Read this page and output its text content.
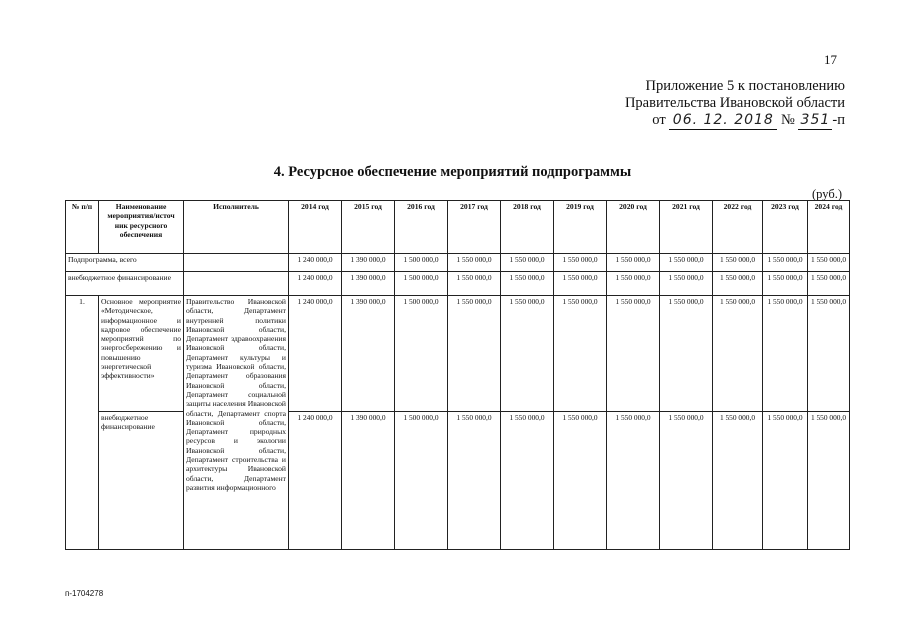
17
Приложение 5 к постановлению
Правительства Ивановской области
от 06. 12. 2018 № 351 -п
4. Ресурсное обеспечение мероприятий подпрограммы
(руб.)
№ п/п	Наименование мероприятия/источ ник ресурсного обеспечения	Исполнитель	2014 год	2015 год	2016 год	2017 год	2018 год	2019 год	2020 год	2021 год	2022 год	2023 год	2024 год
Подпрограмма, всего			1 240 000,0	1 390 000,0	1 500 000,0	1 550 000,0	1 550 000,0	1 550 000,0	1 550 000,0	1 550 000,0	1 550 000,0	1 550 000,0	1 550 000,0
внебюджетное финансирование			1 240 000,0	1 390 000,0	1 500 000,0	1 550 000,0	1 550 000,0	1 550 000,0	1 550 000,0	1 550 000,0	1 550 000,0	1 550 000,0	1 550 000,0
1.	Основное мероприятие «Методическое, информационное и кадровое обеспечение мероприятий по энергосбережению и повышению энергетической эффективности»	Правительство Ивановской области, Департамент внутренней политики Ивановской области, Департамент здравоохранения Ивановской области, Департамент культуры и туризма Ивановской области, Департамент образования Ивановской области, Департамент социальной защиты населения Ивановской области, Департамент спорта Ивановской области, Департамент природных ресурсов и экологии Ивановской области, Департамент строительства и архитектуры Ивановской области, Департамент развития информационного	1 240 000,0	1 390 000,0	1 500 000,0	1 550 000,0	1 550 000,0	1 550 000,0	1 550 000,0	1 550 000,0	1 550 000,0	1 550 000,0	1 550 000,0
	внебюджетное финансирование		1 240 000,0	1 390 000,0	1 500 000,0	1 550 000,0	1 550 000,0	1 550 000,0	1 550 000,0	1 550 000,0	1 550 000,0	1 550 000,0	1 550 000,0
п-1704278
